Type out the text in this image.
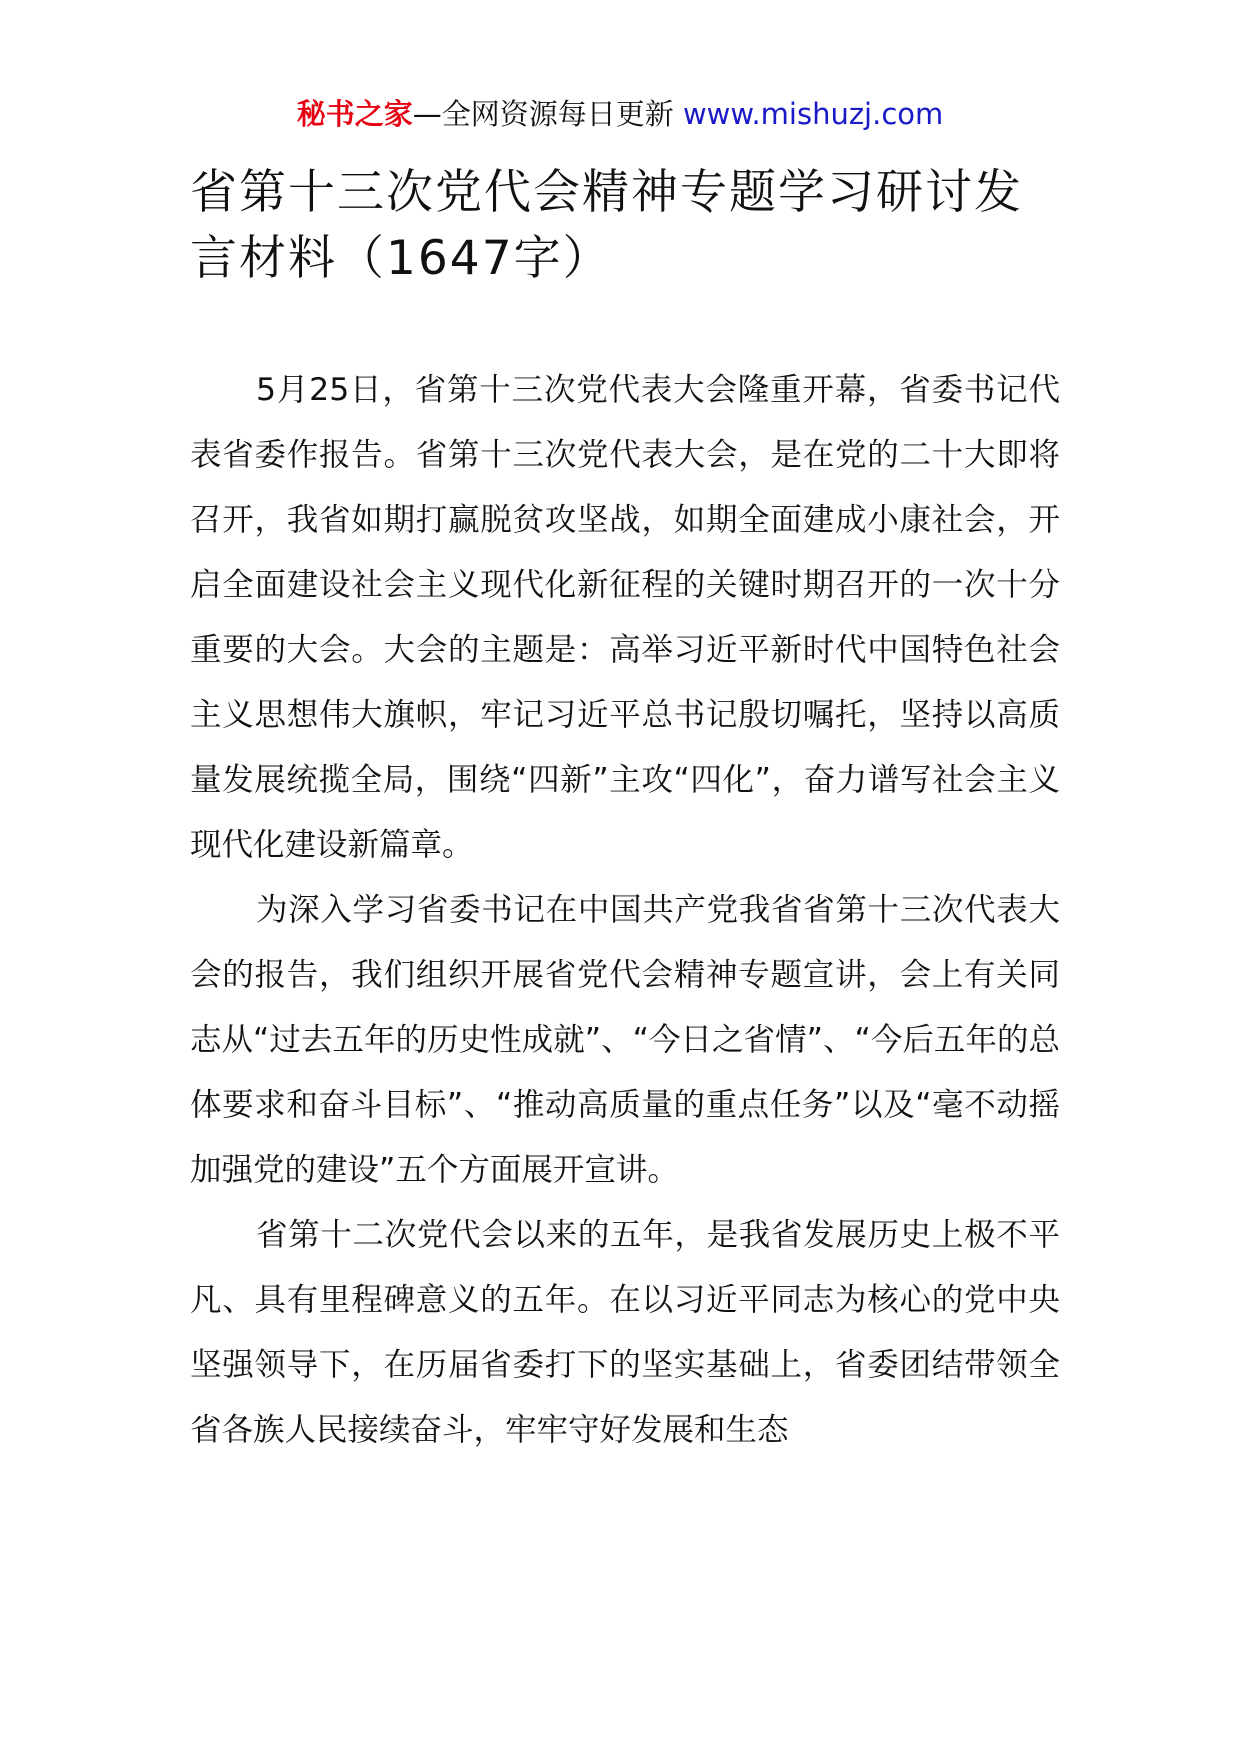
秘书之家—全网资源每日更新 www.mishuzj.com
省第十三次党代会精神专题学习研讨发言材料（1647字）

5月25日，省第十三次党代表大会隆重开幕，省委书记代表省委作报告。省第十三次党代表大会，是在党的二十大即将召开，我省如期打赢脱贫攻坚战，如期全面建成小康社会，开启全面建设社会主义现代化新征程的关键时期召开的一次十分重要的大会。大会的主题是：高举习近平新时代中国特色社会主义思想伟大旗帜，牢记习近平总书记殷切嘱托，坚持以高质量发展统揽全局，围绕“四新”主攻“四化”，奋力谱写社会主义现代化建设新篇章。

为深入学习省委书记在中国共产党我省省第十三次代表大会的报告，我们组织开展省党代会精神专题宣讲，会上有关同志从“过去五年的历史性成就”、“今日之省情”、“今后五年的总体要求和奋斗目标”、“推动高质量的重点任务”以及“毫不动摇加强党的建设”五个方面展开宣讲。

省第十二次党代会以来的五年，是我省发展历史上极不平凡、具有里程碑意义的五年。在以习近平同志为核心的党中央坚强领导下，在历届省委打下的坚实基础上，省委团结带领全省各族人民接续奋斗，牢牢守好发展和生态
